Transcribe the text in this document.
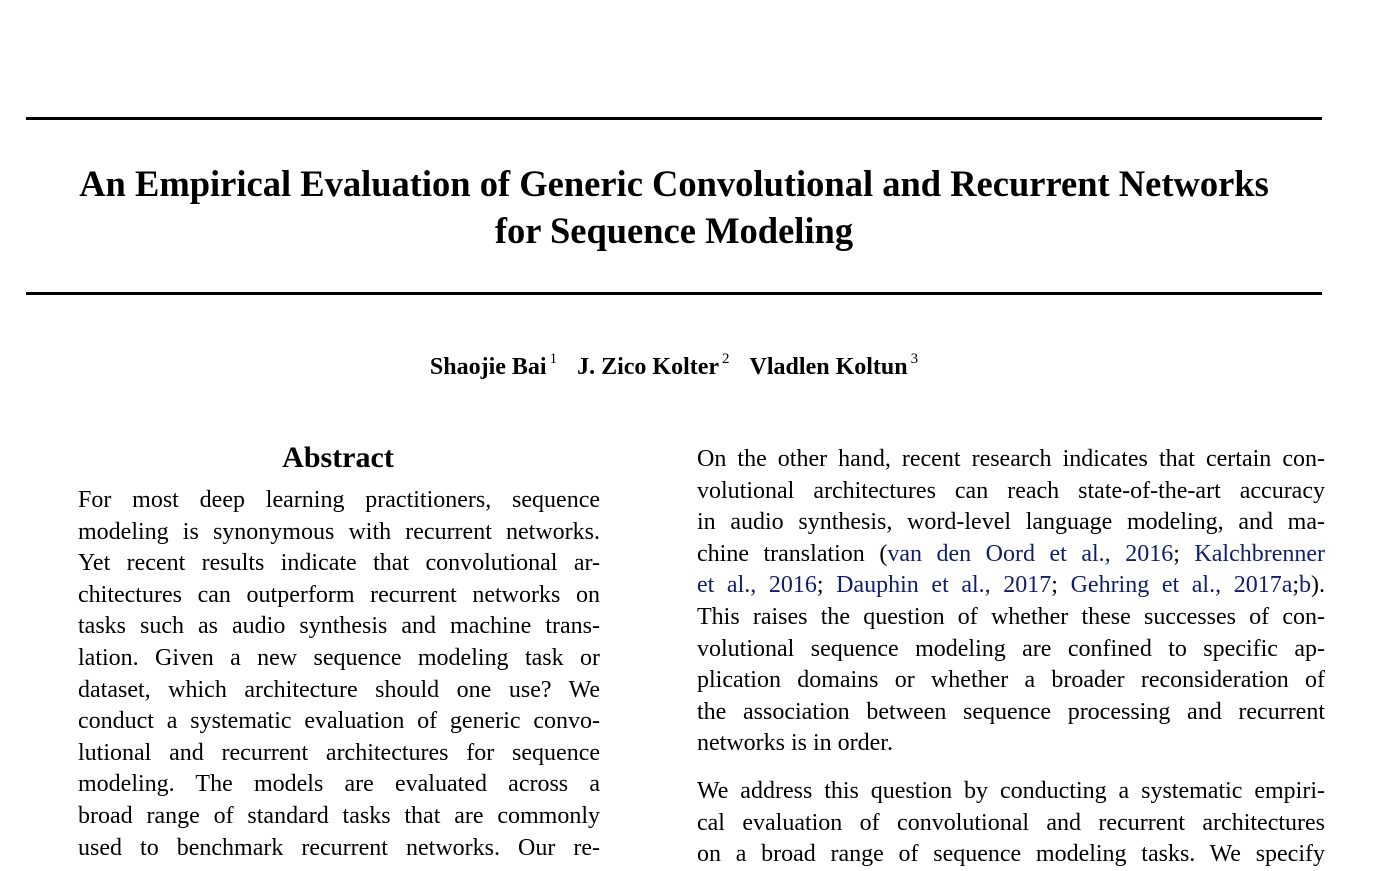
An Empirical Evaluation of Generic Convolutional and Recurrent Networks
for Sequence Modeling
Shaojie Bai $^1$ J. Zico Kolter $^2$ Vladlen Koltun $^3$
Abstract
For most deep learning practitioners, sequence
modeling is synonymous with recurrent networks.
Yet recent results indicate that convolutional ar-
chitectures can outperform recurrent networks on
tasks such as audio synthesis and machine trans-
lation. Given a new sequence modeling task or
dataset, which architecture should one use? We
conduct a systematic evaluation of generic convo-
lutional and recurrent architectures for sequence
modeling. The models are evaluated across a
broad range of standard tasks that are commonly
used to benchmark recurrent networks. Our re-
On the other hand, recent research indicates that certain con-
volutional architectures can reach state-of-the-art accuracy
in audio synthesis, word-level language modeling, and ma-
chine translation (van den Oord et al., 2016; Kalchbrenner
et al., 2016; Dauphin et al., 2017; Gehring et al., 2017a;b).
This raises the question of whether these successes of con-
volutional sequence modeling are confined to specific ap-
plication domains or whether a broader reconsideration of
the association between sequence processing and recurrent
networks is in order.
We address this question by conducting a systematic empiri-
cal evaluation of convolutional and recurrent architectures
on a broad range of sequence modeling tasks. We specify
